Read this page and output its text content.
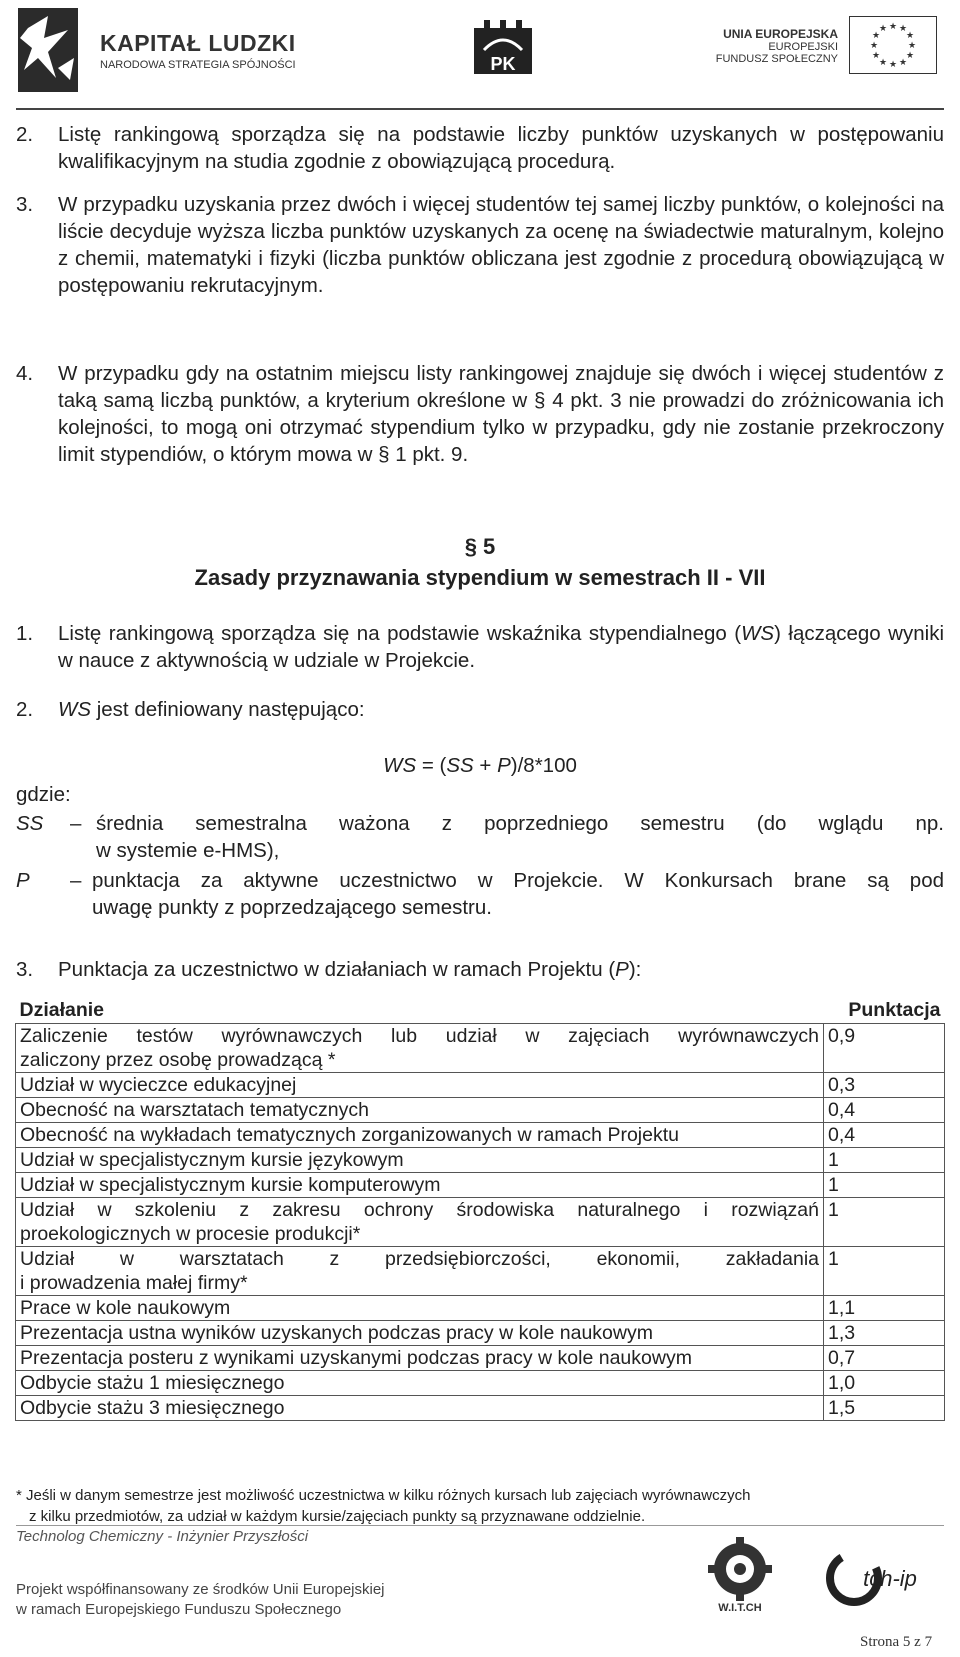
KAPITAŁ LUDZKI
NARODOWA STRATEGIA SPÓJNOŚCI	PK
UNIA EUROPEJSKA
EUROPEJSKI
FUNDUSZ SPOŁECZNY
★ ★
★
★
★
★
★
★
★
★
★
★
2. Listę rankingową sporządza się na podstawie liczby punktów uzyskanych w postępowaniu kwalifikacyjnym na studia zgodnie z obowiązującą procedurą.

3. W przypadku uzyskania przez dwóch i więcej studentów tej samej liczby punktów, o kolejności na liście decyduje wyższa liczba punktów uzyskanych za ocenę na świadectwie maturalnym, kolejno z chemii, matematyki i fizyki (liczba punktów obliczana jest zgodnie z procedurą obowiązującą w postępowaniu rekrutacyjnym.

4. W przypadku gdy na ostatnim miejscu listy rankingowej znajduje się dwóch i więcej studentów z taką samą liczbą punktów, a kryterium określone w § 4 pkt. 3 nie prowadzi do zróżnicowania ich kolejności, to mogą oni otrzymać stypendium tylko w przypadku, gdy nie zostanie przekroczony limit stypendiów, o którym mowa w § 1 pkt. 9.

§ 5
Zasady przyznawania stypendium w semestrach II - VII
1. Listę rankingową sporządza się na podstawie wskaźnika stypendialnego (WS) łączącego wyniki w nauce z aktywnością w udziale w Projekcie.

2. WS jest definiowany następująco:

WS = (SS + P)/8*100
gdzie:
SS – średnia semestralna ważona z poprzedniego semestru (do wglądu np.
w systemie e-HMS),
P – punktacja za aktywne uczestnictwo w Projekcie. W Konkursach brane są pod
uwagę punkty z poprzedzającego semestru.
3. Punktacja za uczestnictwo w działaniach w ramach Projektu (P):

Działanie	Punktacja

Zaliczenie testów wyrównawczych lub udział w zajęciach wyrównawczych
zaliczony przez osobę prowadzącą *	0,9
Udział w wycieczce edukacyjnej	0,3
Obecność na warsztatach tematycznych	0,4
Obecność na wykładach tematycznych zorganizowanych w ramach Projektu	0,4
Udział w specjalistycznym kursie językowym	1
Udział w specjalistycznym kursie komputerowym	1

Udział w szkoleniu z zakresu ochrony środowiska naturalnego i rozwiązań
proekologicznych w procesie produkcji*	1

Udział w warsztatach z przedsiębiorczości, ekonomii, zakładania
i prowadzenia małej firmy*	1
Prace w kole naukowym	1,1
Prezentacja ustna wyników uzyskanych podczas pracy w kole naukowym	1,3
Prezentacja posteru z wynikami uzyskanymi podczas pracy w kole naukowym	0,7
Odbycie stażu 1 miesięcznego	1,0
Odbycie stażu 3 miesięcznego	1,5
* Jeśli w danym semestrze jest możliwość uczestnictwa w kilku różnych kursach lub zajęciach wyrównawczych
z kilku przedmiotów, za udział w każdym kursie/zajęciach punkty są przyznawane oddzielnie.
Technolog Chemiczny - Inżynier Przyszłości
Projekt współfinansowany ze środków Unii Europejskiej
w ramach Europejskiego Funduszu Społecznego	W.I.T.CH
tch-ip
Strona 5 z 7
